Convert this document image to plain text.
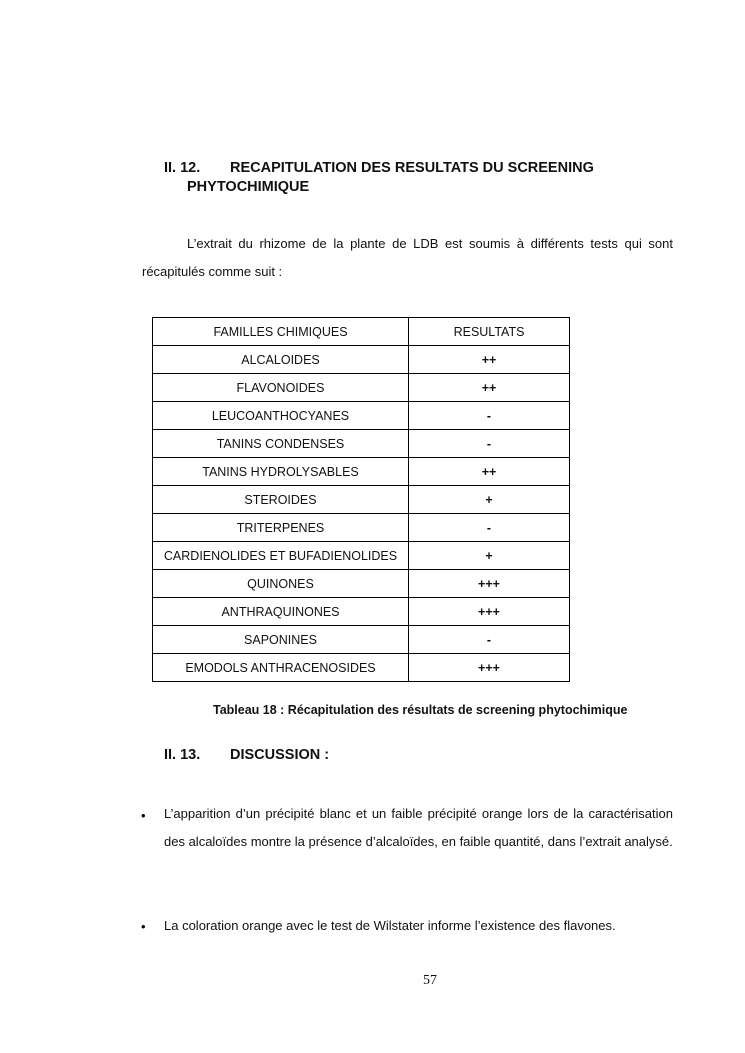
II. 12. RECAPITULATION DES RESULTATS DU SCREENING
PHYTOCHIMIQUE
L’extrait du rhizome de la plante de LDB est soumis à différents tests qui sont
récapitulés comme suit :
FAMILLES CHIMIQUES	RESULTATS
ALCALOIDES	++
FLAVONOIDES	++
LEUCOANTHOCYANES	-
TANINS CONDENSES	-
TANINS HYDROLYSABLES	++
STEROIDES	+
TRITERPENES	-
CARDIENOLIDES ET BUFADIENOLIDES	+
QUINONES	+++
ANTHRAQUINONES	+++
SAPONINES	-
EMODOLS ANTHRACENOSIDES	+++
Tableau 18 : Récapitulation des résultats de screening phytochimique
II. 13. DISCUSSION :
• L’apparition d’un précipité blanc et un faible précipité orange lors de la caractérisation des alcaloïdes montre la présence d’alcaloïdes, en faible quantité, dans l’extrait analysé.
• La coloration orange avec le test de Wilstater informe l’existence des flavones.
57
